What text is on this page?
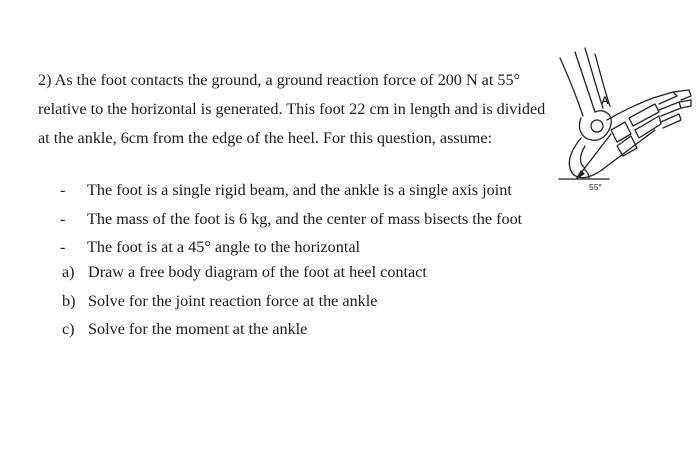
2) As the foot contacts the ground, a ground reaction force of 200 N at 55° relative to the horizontal is generated. This foot 22 cm in length and is divided at the ankle, 6cm from the edge of the heel. For this question, assume:

- The foot is a single rigid beam, and the ankle is a single axis joint
- The mass of the foot is 6 kg, and the center of mass bisects the foot
- The foot is at a 45° angle to the horizontal
a) Draw a free body diagram of the foot at heel contact
b) Solve for the joint reaction force at the ankle
c) Solve for the moment at the ankle
A
55°
